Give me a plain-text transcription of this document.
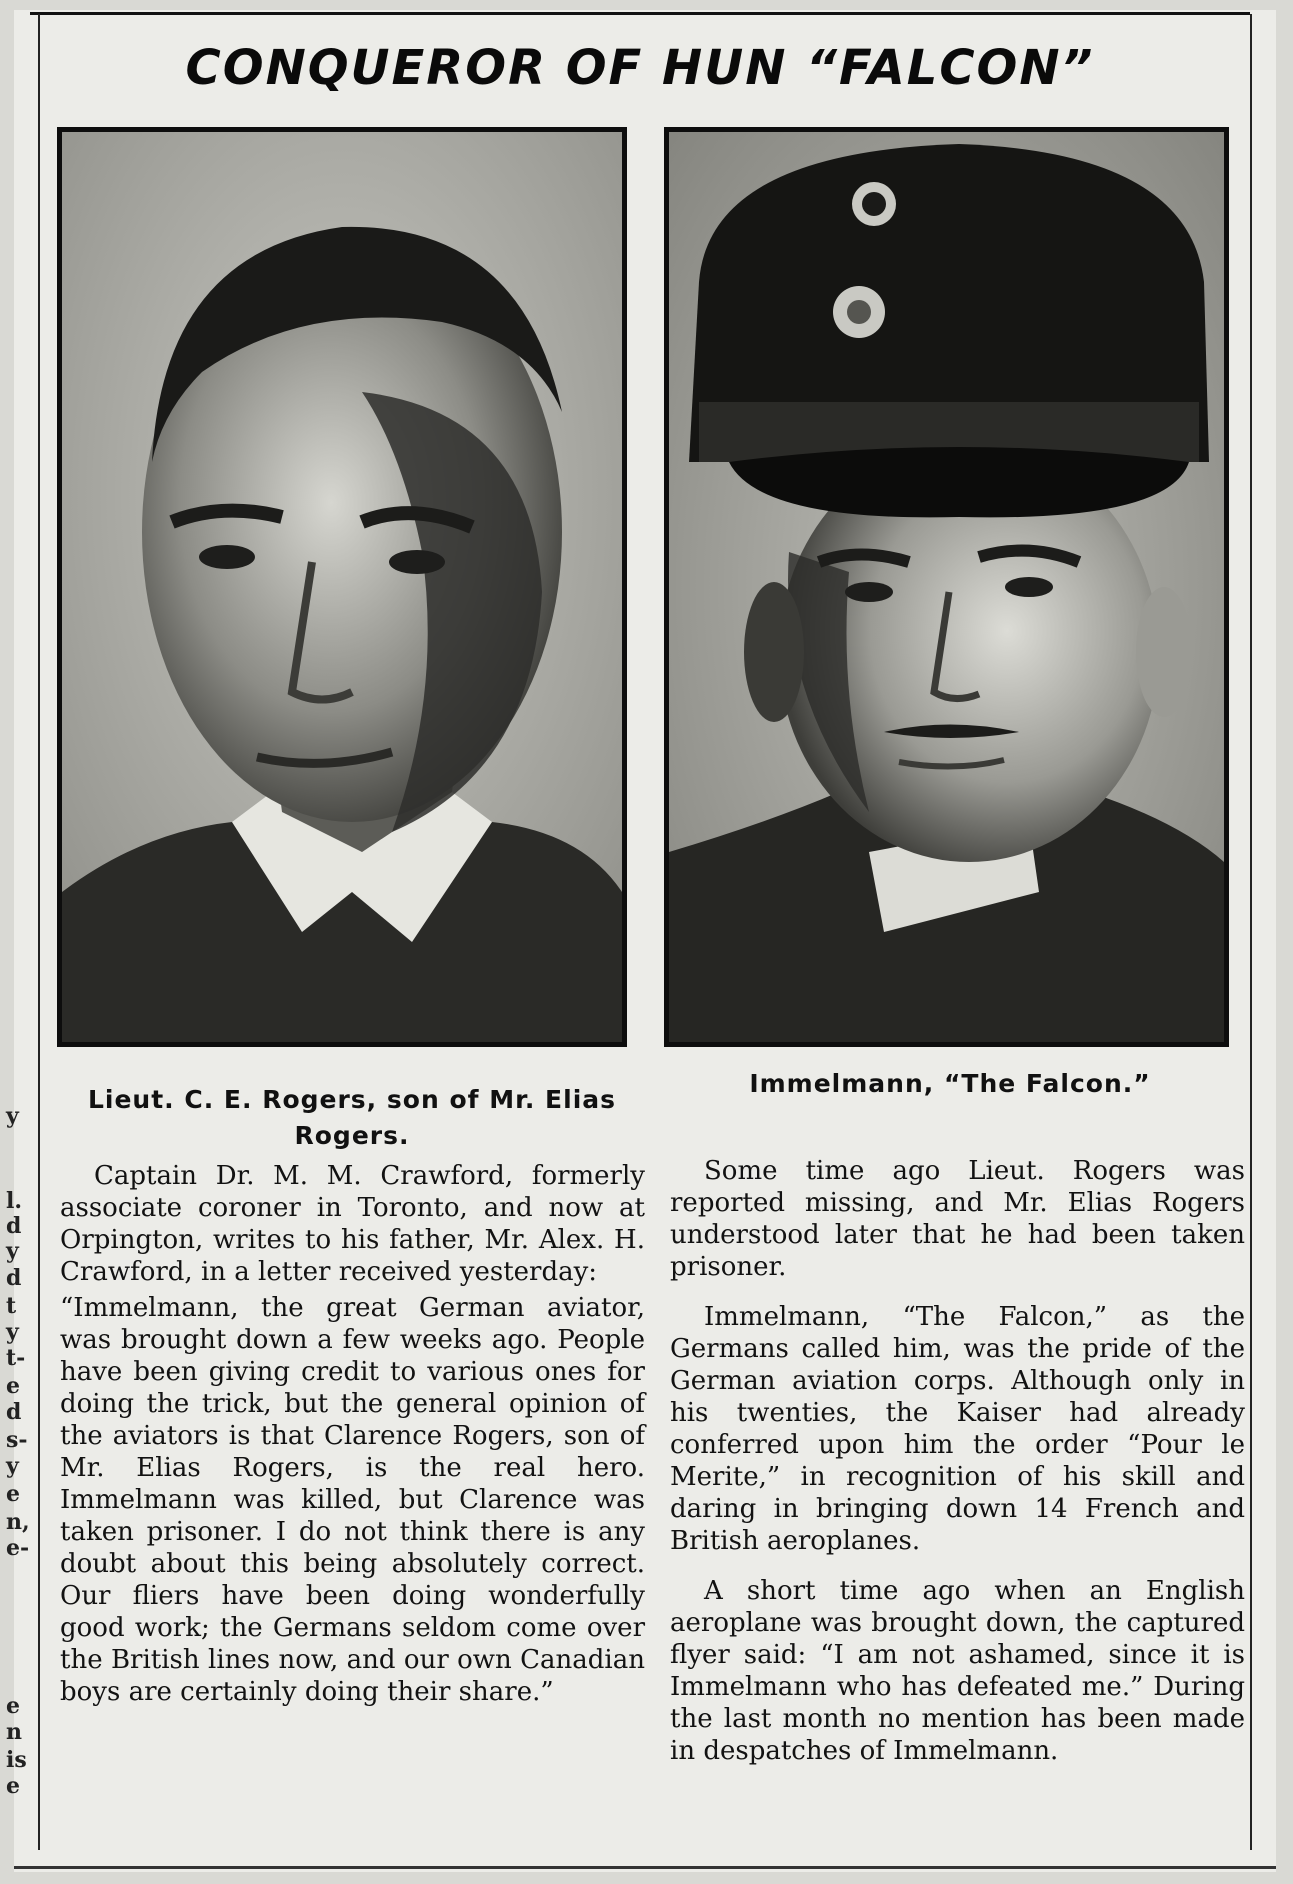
CONQUEROR OF HUN “FALCON”
Lieut. C. E. Rogers, son of Mr. Elias Rogers.
Immelmann, “The Falcon.”

Captain Dr. M. M. Crawford, formerly associate coroner in Toronto, and now at Orpington, writes to his father, Mr. Alex. H. Crawford, in a letter received yesterday:

“Immelmann, the great German aviator, was brought down a few weeks ago. People have been giving credit to various ones for doing the trick, but the general opinion of the aviators is that Clarence Rogers, son of Mr. Elias Rogers, is the real hero. Immelmann was killed, but Clarence was taken prisoner. I do not think there is any doubt about this being absolutely correct. Our fliers have been doing wonderfully good work; the Germans seldom come over the British lines now, and our own Canadian boys are certainly doing their share.”

Some time ago Lieut. Rogers was reported missing, and Mr. Elias Rogers understood later that he had been taken prisoner.

Immelmann, “The Falcon,” as the Germans called him, was the pride of the German aviation corps. Although only in his twenties, the Kaiser had already conferred upon him the order “Pour le Merite,” in recognition of his skill and daring in bringing down 14 French and British aeroplanes.

A short time ago when an English aeroplane was brought down, the captured flyer said: “I am not ashamed, since it is Immelmann who has defeated me.” During the last month no mention has been made in despatches of Immelmann.

y
l.
d
y
d
t
y
t-
e
d
s-
y
e
n,
e-
e
n
is
e
